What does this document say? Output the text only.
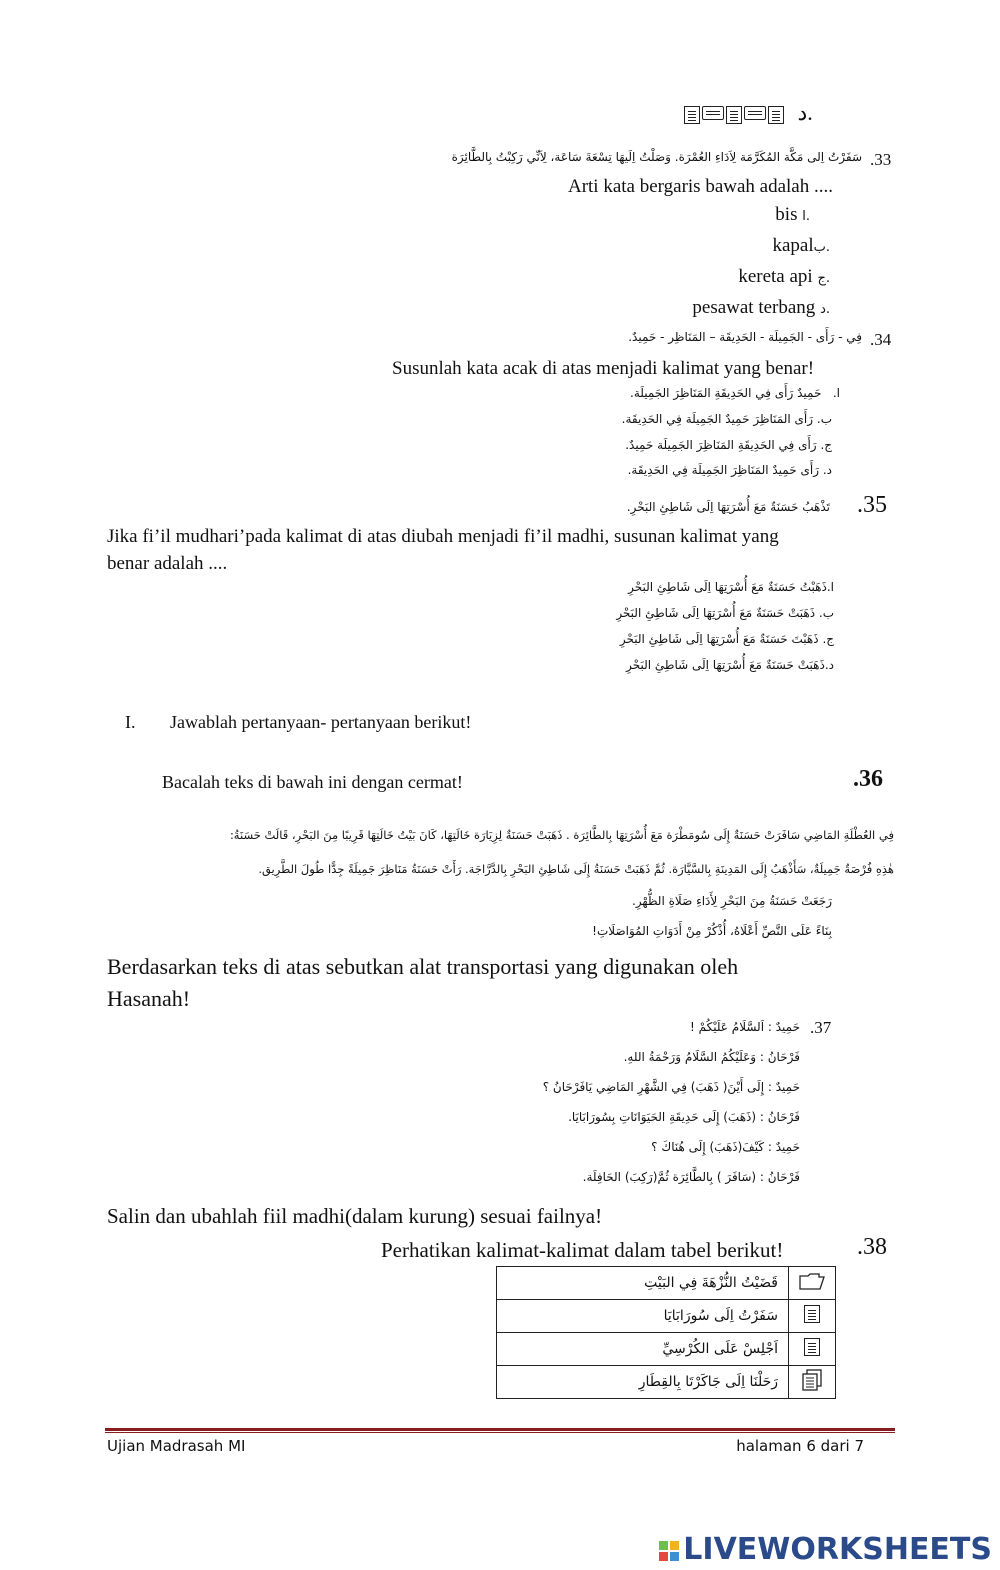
د.
.33
سَفَرْتُ اِلى مَكَّة المُكَرَّمَة لِاَدَاءِ العُمْرَة. وَصَلْتُ اِلَيهَا تِسْعَةَ سَاعَة، لِاَنِّي رَكِبْتُ بِالطَّائِرَة
Arti kata bergaris bawah adalah ....
bis ا.
kapalب.
kereta api ج.
pesawat terbang د.
.34
فِي - رَأَى - الجَمِيلَة - الحَدِيقَة – المَنَاظِر - حَمِيدٌ.
Susunlah kata acak di atas menjadi kalimat yang benar!
ا.   حَمِيدٌ رَأَى فِي الحَدِيقَةِ المَنَاظِرَ الجَمِيلَة.
ب. رَأَى المَنَاظِرَ حَمِيدٌ الجَمِيلَة فِي الحَدِيقَة.
ج. رَأَى فِي الحَدِيقَةِ المَنَاظِرَ الجَمِيلَة حَمِيدٌ.
د. رَأَى حَمِيدٌ المَنَاظِرَ الجَمِيلَة فِي الحَدِيقَة.
.35
تَذْهَبُ حَسَنَةٌ مَعَ أُسْرَتِهَا اِلَى شَاطِئِ البَحْرِ.
Jika fi’il mudhari’pada kalimat di atas diubah menjadi fi’il madhi, susunan kalimat yang
benar adalah ....
ا.ذَهَبْتُ حَسَنَةٌ مَعَ أُسْرَتِهَا اِلَى شَاطِئِ البَحْرِ
ب. ذَهَبَتْ حَسَنَةٌ مَعَ أُسْرَتِهَا اِلَى شَاطِئِ البَحْرِ
ج. ذَهَبْتَ حَسَنَةٌ مَعَ أُسْرَتِهَا اِلَى شَاطِئِ البَحْرِ
د.ذَهَبَتْ حَسَنَةٌ مَعَ أُسْرَتِهَا اِلَى شَاطِئِ البَحْرِ
I. Jawablah pertanyaan- pertanyaan berikut!
Bacalah teks di bawah ini dengan cermat!	.36
فِي العُطْلَةِ المَاضِي سَافَرَتْ حَسَنَةٌ إِلَى سُومَطْرَة مَعَ أُسْرَتِهَا بِالطَّائِرَة . ذَهَبَتْ حَسَنَةٌ لِزِيَارَة خَالَتِهَا، كَانَ بَيْتُ خَالَتِهَا قَرِيبًا مِنَ البَحْرِ، قَالَتْ حَسَنَةُ:
هٰذِهِ فُرْصَةٌ جَمِيلَةٌ، سَأَذْهَبُ إِلَى المَدِينَةِ بِالسَّيَّارَة. ثُمَّ ذَهَبَتْ حَسَنَةُ إِلَى شَاطِئِ البَحْرِ بِالدَّرَّاجَة. رَأَتْ حَسَنَةُ مَنَاظِرَ جَمِيلَةً جِدًّا طُولَ الطَّرِيق.
رَجَعَتْ حَسَنَةُ مِنَ البَحْرِ لِأَدَاءِ صَلَاةِ الظُّهْرِ.
بِنَاءً عَلَى النَّصِّ أَعْلَاهُ، أُذْكُرْ مِنْ أَدَوَاتِ المُوَاصَلَاتِ!
Berdasarkan teks di atas sebutkan alat transportasi yang digunakan oleh
Hasanah!
.37
حَمِيدٌ : اَلسَّلَامُ عَلَيْكُمْ !
فَرْحَانُ : وَعَلَيْكُمُ السَّلَامُ وَرَحْمَةُ اللهِ.
حَمِيدٌ : إِلَى أَيْنَ( ذَهَبَ) فِي الشَّهْرِ المَاضِي يَافَرْحَانُ ؟
فَرْحَانُ : (ذَهَبَ) إِلَى حَدِيقَةِ الحَيَوَانَاتِ بِسُورَابَايَا.
حَمِيدٌ : كَيْفَ(ذَهَبَ) إِلَى هُنَاكَ ؟
فَرْحَانُ : (سَافَرَ ) بِالطَّائِرَة ثُمَّ(رَكِبَ) الحَافِلَة.
Salin dan ubahlah fiil madhi(dalam kurung) sesuai failnya!
Perhatikan kalimat-kalimat dalam tabel berikut!	.38
قَضَيْتُ النُّزْهَةَ فِي البَيْتِ	
سَفَرْتُ اِلَى سُورَابَايَا	
اَجْلِسْ عَلَى الكُرْسِيِّ	
رَحَلْنَا اِلَى جَاكَرْتَا بِالقِطَارِ	
Ujian Madrasah MI	halaman 6 dari 7
LIVEWORKSHEETS
